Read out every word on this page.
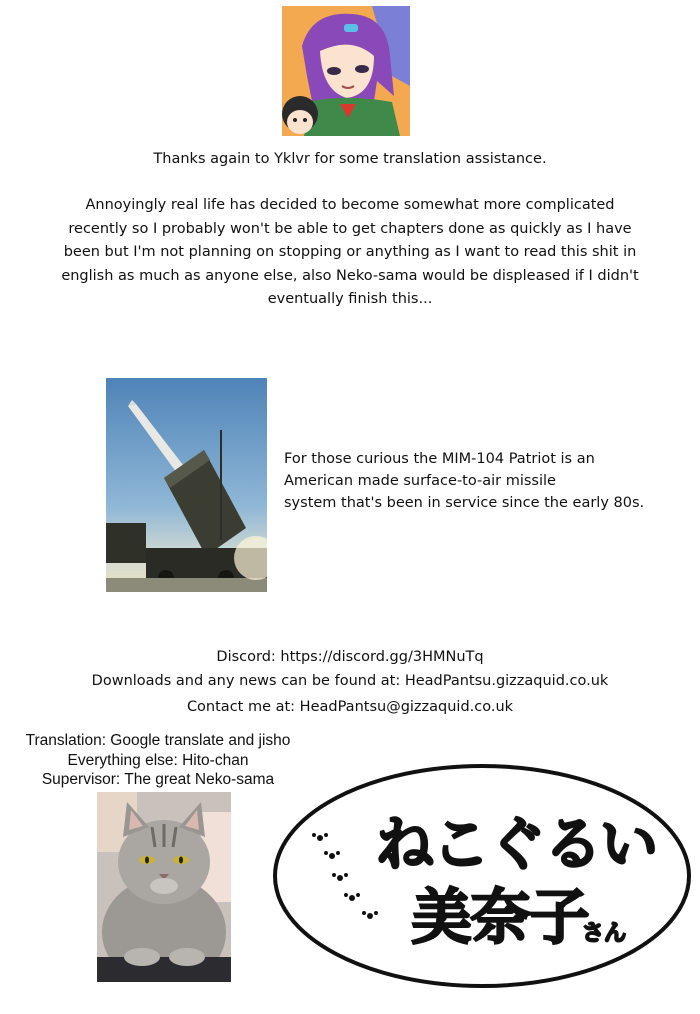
Thanks again to Yklvr for some translation assistance.
Annoyingly real life has decided to become somewhat more complicated
recently so I probably won't be able to get chapters done as quickly as I have
been but I'm not planning on stopping or anything as I want to read this shit in
english as much as anyone else, also Neko-sama would be displeased if I didn't
eventually finish this...
For those curious the MIM-104 Patriot is an
American made surface-to-air missile
system that's been in service since the early 80s.
Discord: https://discord.gg/3HMNuTq
Downloads and any news can be found at: HeadPantsu.gizzaquid.co.uk
Contact me at: HeadPantsu@gizzaquid.co.uk
Translation: Google translate and jisho
Everything else: Hito-chan
Supervisor: The great Neko-sama
ねこぐるい
美奈子
さん
